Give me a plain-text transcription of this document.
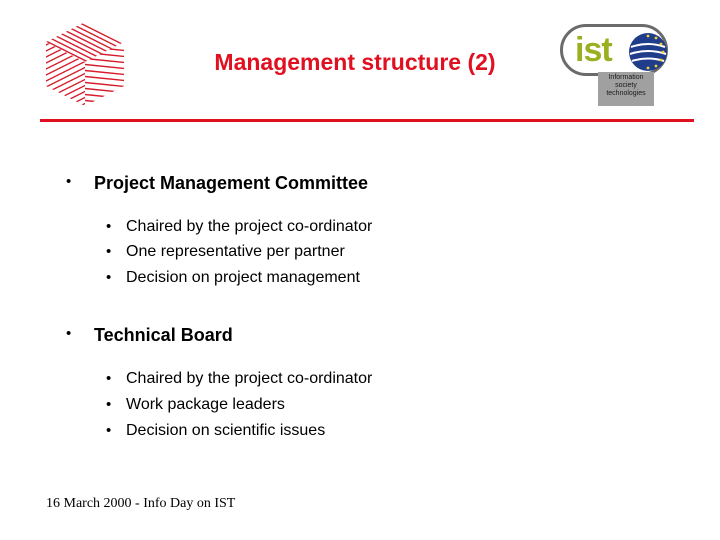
Management structure (2)	ist
Information
society
technologies
• Project Management Committee
• Chaired by the project co-ordinator
• One representative per partner
• Decision on project management
• Technical Board
• Chaired by the project co-ordinator
• Work package leaders
• Decision on scientific issues
16 March 2000 - Info Day on IST
